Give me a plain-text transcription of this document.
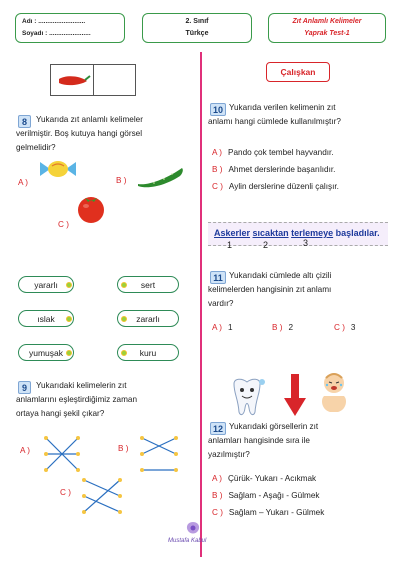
Adı : ..........................
Soyadı : .......................
2. Sınıf
Türkçe
Zıt Anlamlı Kelimeler
Yaprak Test-1
8	Yukarıda zıt anlamlı kelimeler
verilmiştir. Boş kutuya hangi görsel
gelmelidir?
A )	B )
C )
yararlı	sert
ıslak	zararlı
yumuşak	kuru
9	Yukarıdaki kelimelerin zıt
anlamlarını eşleştirdiğimiz zaman
ortaya hangi şekil çıkar?
A )	B )
C )
Çalışkan
10 Yukarıda verilen kelimenin zıt
anlamı hangi cümlede kullanılmıştır?
A ) Pando çok tembel hayvandır.
B ) Ahmet derslerinde başarılıdır.
C ) Aylin derslerine düzenli çalışır.
Askerler sıcaktan terlemeye başladılar.
1	2	3
11 Yukarıdaki cümlede altı çizili
kelimelerden hangisinin zıt anlamı
vardır?
A ) 1	B ) 2	C ) 3
12 Yukarıdaki görsellerin zıt
anlamları hangisinde sıra ile
yazılmıştır?
A ) Çürük- Yukarı - Acıkmak
B ) Sağlam - Aşağı - Gülmek
C ) Sağlam – Yukarı - Gülmek
Mustafa Kabul
